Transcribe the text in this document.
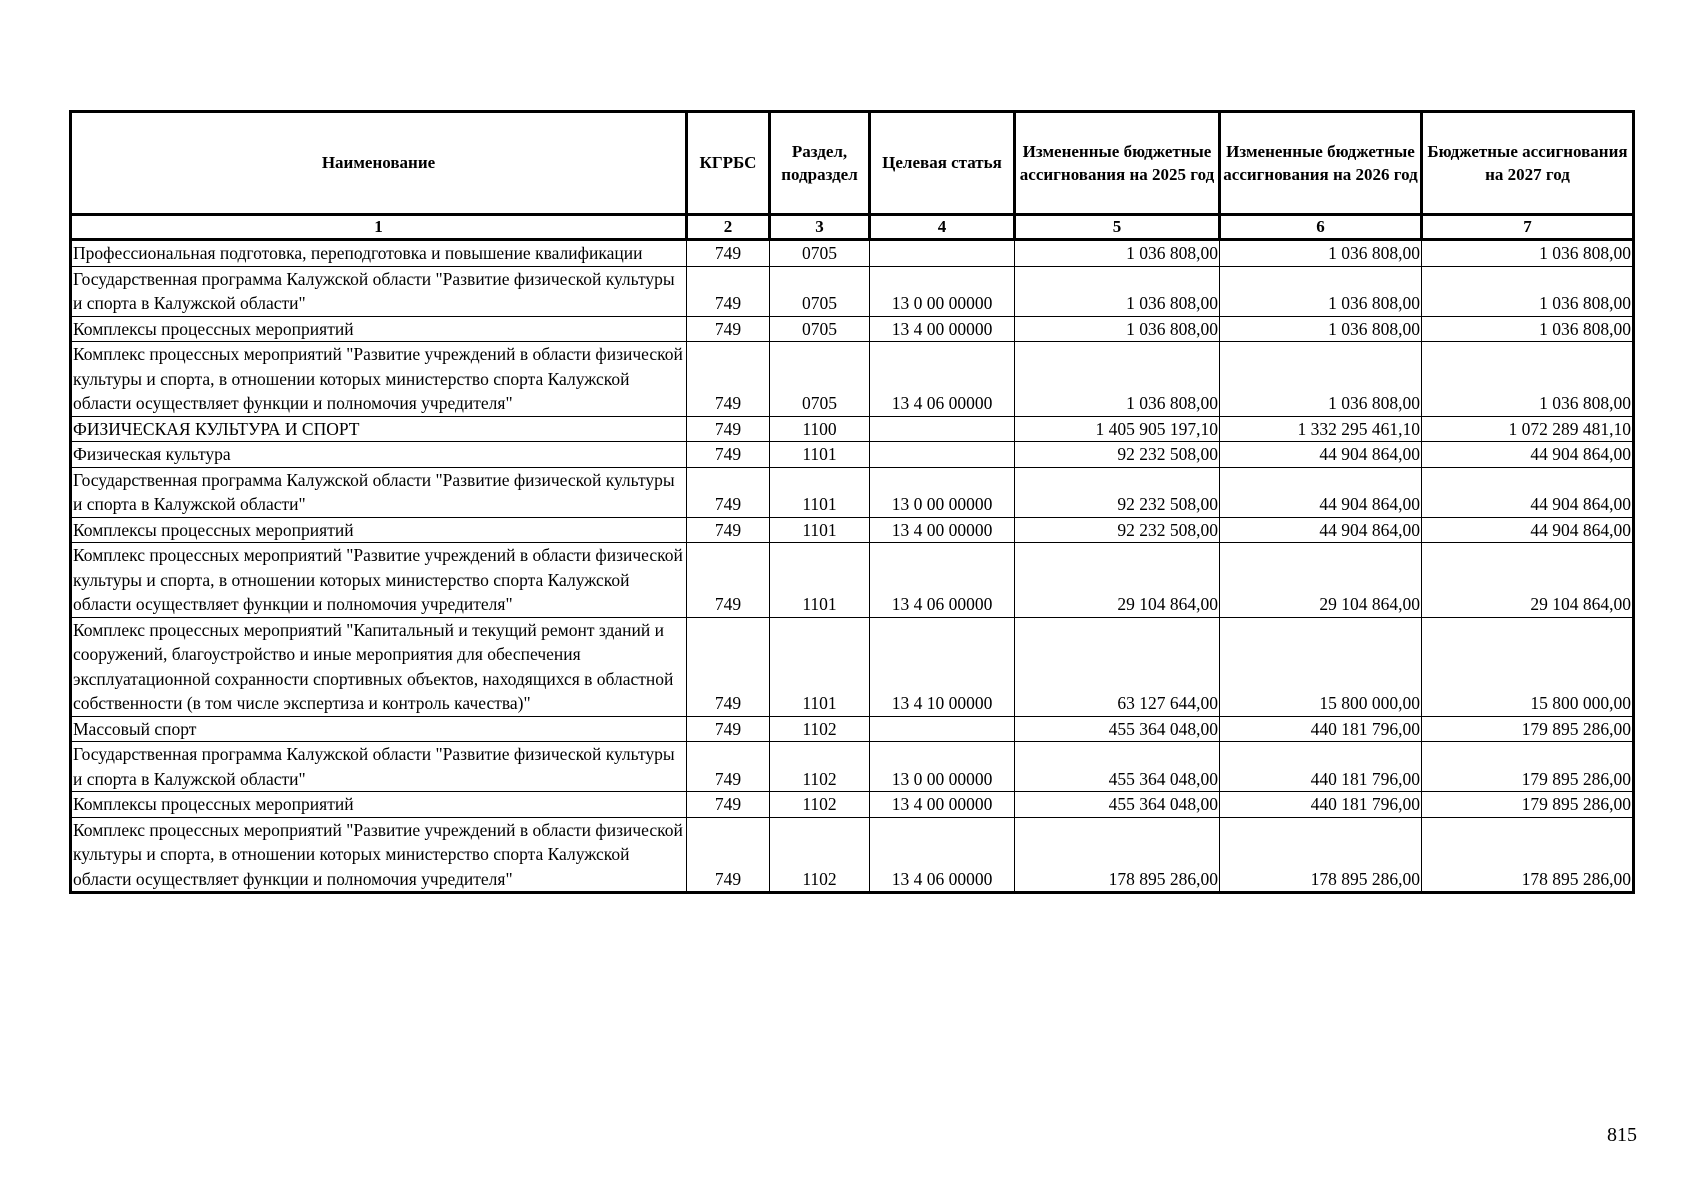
Наименование	КГРБС	Раздел, подраздел	Целевая статья	Измененные бюджетные ассигнования на 2025 год	Измененные бюджетные ассигнования на 2026 год	Бюджетные ассигнования на 2027 год
1	2	3	4	5	6	7
Профессиональная подготовка, переподготовка и повышение квалификации	749	0705		1 036 808,00	1 036 808,00	1 036 808,00
Государственная программа Калужской области "Развитие физической культуры и спорта в Калужской области"	749	0705	13 0 00 00000	1 036 808,00	1 036 808,00	1 036 808,00
Комплексы процессных мероприятий	749	0705	13 4 00 00000	1 036 808,00	1 036 808,00	1 036 808,00
Комплекс процессных мероприятий "Развитие учреждений в области физической культуры и спорта, в отношении которых министерство спорта Калужской области осуществляет функции и полномочия учредителя"	749	0705	13 4 06 00000	1 036 808,00	1 036 808,00	1 036 808,00
ФИЗИЧЕСКАЯ КУЛЬТУРА И СПОРТ	749	1100		1 405 905 197,10	1 332 295 461,10	1 072 289 481,10
Физическая культура	749	1101		92 232 508,00	44 904 864,00	44 904 864,00
Государственная программа Калужской области "Развитие физической культуры и спорта в Калужской области"	749	1101	13 0 00 00000	92 232 508,00	44 904 864,00	44 904 864,00
Комплексы процессных мероприятий	749	1101	13 4 00 00000	92 232 508,00	44 904 864,00	44 904 864,00
Комплекс процессных мероприятий "Развитие учреждений в области физической культуры и спорта, в отношении которых министерство спорта Калужской области осуществляет функции и полномочия учредителя"	749	1101	13 4 06 00000	29 104 864,00	29 104 864,00	29 104 864,00
Комплекс процессных мероприятий "Капитальный и текущий ремонт зданий и сооружений, благоустройство и иные мероприятия для обеспечения эксплуатационной сохранности спортивных объектов, находящихся в областной собственности (в том числе экспертиза и контроль качества)"	749	1101	13 4 10 00000	63 127 644,00	15 800 000,00	15 800 000,00
Массовый спорт	749	1102		455 364 048,00	440 181 796,00	179 895 286,00
Государственная программа Калужской области "Развитие физической культуры и спорта в Калужской области"	749	1102	13 0 00 00000	455 364 048,00	440 181 796,00	179 895 286,00
Комплексы процессных мероприятий	749	1102	13 4 00 00000	455 364 048,00	440 181 796,00	179 895 286,00
Комплекс процессных мероприятий "Развитие учреждений в области физической культуры и спорта, в отношении которых министерство спорта Калужской области осуществляет функции и полномочия учредителя"	749	1102	13 4 06 00000	178 895 286,00	178 895 286,00	178 895 286,00
815
